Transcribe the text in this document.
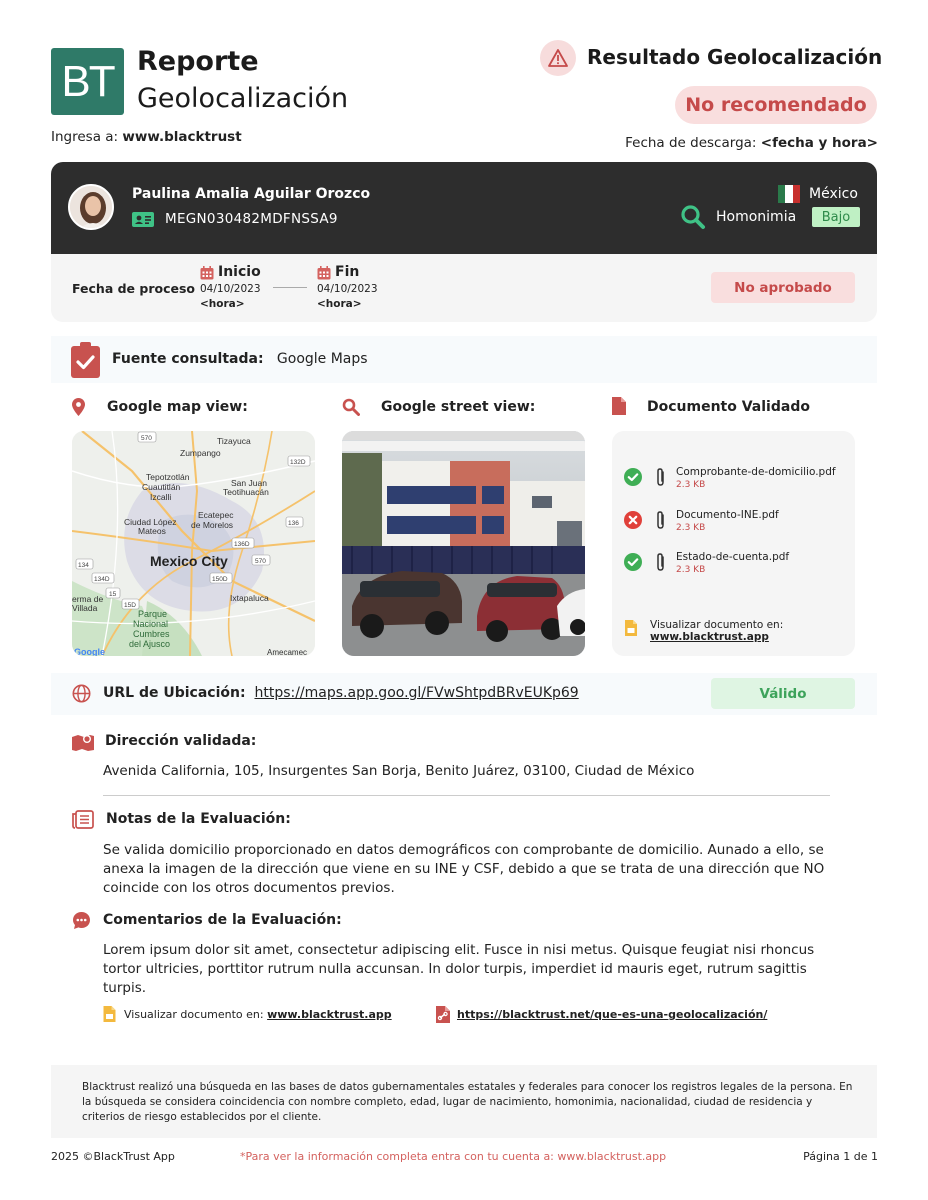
BT Reporte
Geolocalización
Ingresa a: www.blacktrust
Resultado Geolocalización
No recomendado
Fecha de descarga: <fecha y hora>
Paulina Amalia Aguilar Orozco
MEGN030482MDFNSSA9
México
Homonimia	Bajo
Fecha de proceso
Inicio
04/10/2023
<hora>
Fin
04/10/2023
<hora>
No aprobado
Fuente consultada: Google Maps
Google map view:	Google street view:	Documento Validado
Tizayuca
Zumpango
Tepotzotlán
Cuautitlán
Izcalli
San Juan
Teotihuacán
Ecatepec
de Morelos
Ciudad López
Mateos
Mexico City
Ixtapaluca
Parque
Nacional
Cumbres
del Ajusco
erma de
Villada
Amecamec
Google
570
132D
136
136D
134
134D
15
15D
150D
570
Comprobante-de-domicilio.pdf
2.3 KB
Documento-INE.pdf
2.3 KB
Estado-de-cuenta.pdf
2.3 KB
Visualizar documento en:
www.blacktrust.app
URL de Ubicación: https://maps.app.goo.gl/FVwShtpdBRvEUKp69	Válido
Dirección validada:
Avenida California, 105, Insurgentes San Borja, Benito Juárez, 03100, Ciudad de México
Notas de la Evaluación:
Se valida domicilio proporcionado en datos demográficos con comprobante de domicilio. Aunado a ello, se anexa la imagen de la dirección que viene en su INE y CSF, debido a que se trata de una dirección que NO coincide con los otros documentos previos.
Comentarios de la Evaluación:
Lorem ipsum dolor sit amet, consectetur adipiscing elit. Fusce in nisi metus. Quisque feugiat nisi rhoncus tortor ultricies, porttitor rutrum nulla accunsan. In dolor turpis, imperdiet id mauris eget, rutrum sagittis turpis.
Visualizar documento en: www.blacktrust.app	https://blacktrust.net/que-es-una-geolocalización/
Blacktrust realizó una búsqueda en las bases de datos gubernamentales estatales y federales para conocer los registros legales de la persona. En la búsqueda se considera coincidencia con nombre completo, edad, lugar de nacimiento, homonimia, nacionalidad, ciudad de residencia y criterios de riesgo establecidos por el cliente.
2025 ©BlackTrust App	*Para ver la información completa entra con tu cuenta a: www.blacktrust.app	Página 1 de 1
